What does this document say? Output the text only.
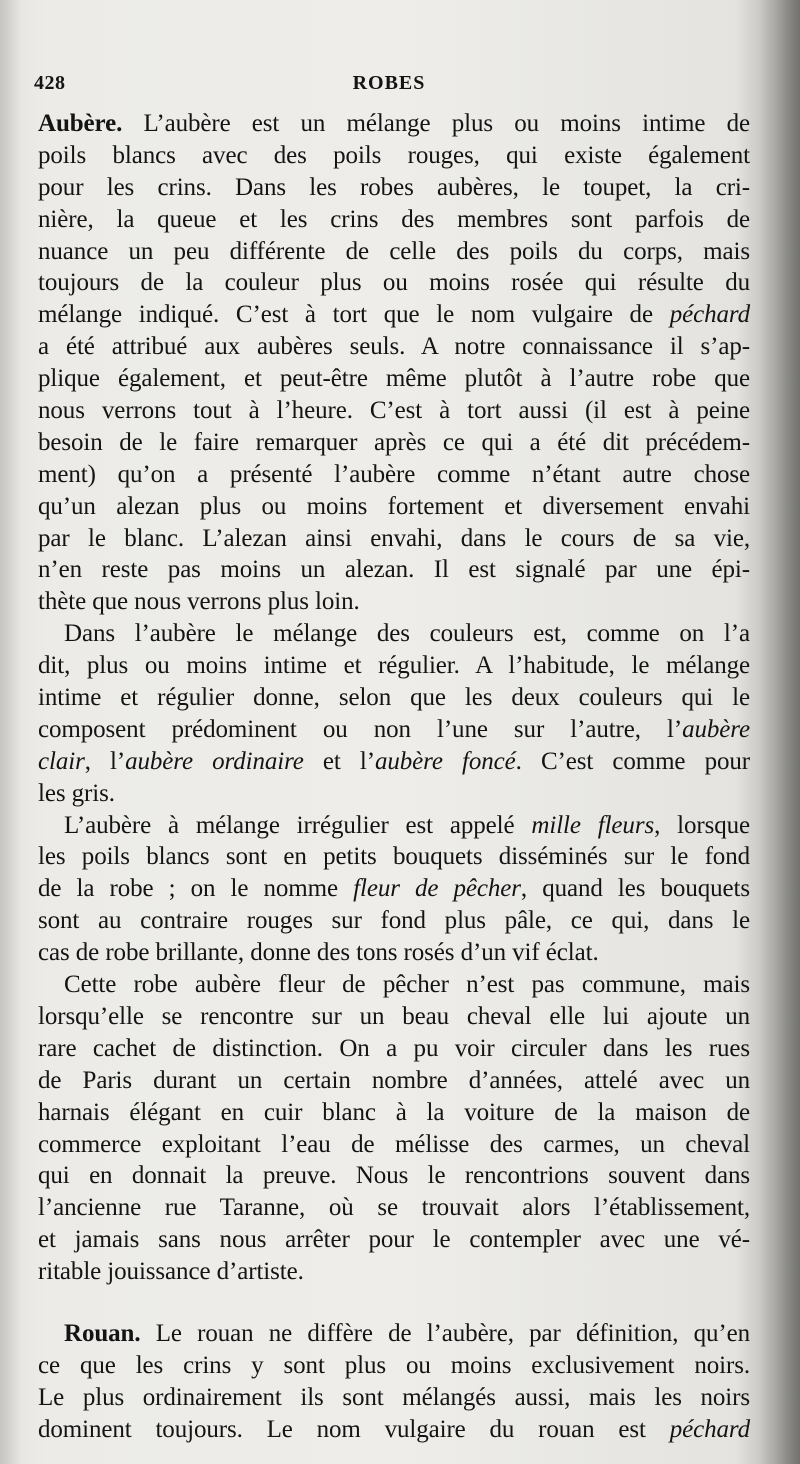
428	ROBES
Aubère. L’aubère est un mélange plus ou moins intime de
poils blancs avec des poils rouges, qui existe également
pour les crins. Dans les robes aubères, le toupet, la cri-
nière, la queue et les crins des membres sont parfois de
nuance un peu différente de celle des poils du corps, mais
toujours de la couleur plus ou moins rosée qui résulte du
mélange indiqué. C’est à tort que le nom vulgaire de péchard
a été attribué aux aubères seuls. A notre connaissance il s’ap-
plique également, et peut-être même plutôt à l’autre robe que
nous verrons tout à l’heure. C’est à tort aussi (il est à peine
besoin de le faire remarquer après ce qui a été dit précédem-
ment) qu’on a présenté l’aubère comme n’étant autre chose
qu’un alezan plus ou moins fortement et diversement envahi
par le blanc. L’alezan ainsi envahi, dans le cours de sa vie,
n’en reste pas moins un alezan. Il est signalé par une épi-
thète que nous verrons plus loin.
Dans l’aubère le mélange des couleurs est, comme on l’a
dit, plus ou moins intime et régulier. A l’habitude, le mélange
intime et régulier donne, selon que les deux couleurs qui le
composent prédominent ou non l’une sur l’autre, l’aubère
clair, l’aubère ordinaire et l’aubère foncé. C’est comme pour
les gris.
L’aubère à mélange irrégulier est appelé mille fleurs, lorsque
les poils blancs sont en petits bouquets disséminés sur le fond
de la robe ; on le nomme fleur de pêcher, quand les bouquets
sont au contraire rouges sur fond plus pâle, ce qui, dans le
cas de robe brillante, donne des tons rosés d’un vif éclat.
Cette robe aubère fleur de pêcher n’est pas commune, mais
lorsqu’elle se rencontre sur un beau cheval elle lui ajoute un
rare cachet de distinction. On a pu voir circuler dans les rues
de Paris durant un certain nombre d’années, attelé avec un
harnais élégant en cuir blanc à la voiture de la maison de
commerce exploitant l’eau de mélisse des carmes, un cheval
qui en donnait la preuve. Nous le rencontrions souvent dans
l’ancienne rue Taranne, où se trouvait alors l’établissement,
et jamais sans nous arrêter pour le contempler avec une vé-
ritable jouissance d’artiste.
Rouan. Le rouan ne diffère de l’aubère, par définition, qu’en
ce que les crins y sont plus ou moins exclusivement noirs.
Le plus ordinairement ils sont mélangés aussi, mais les noirs
dominent toujours. Le nom vulgaire du rouan est péchard
